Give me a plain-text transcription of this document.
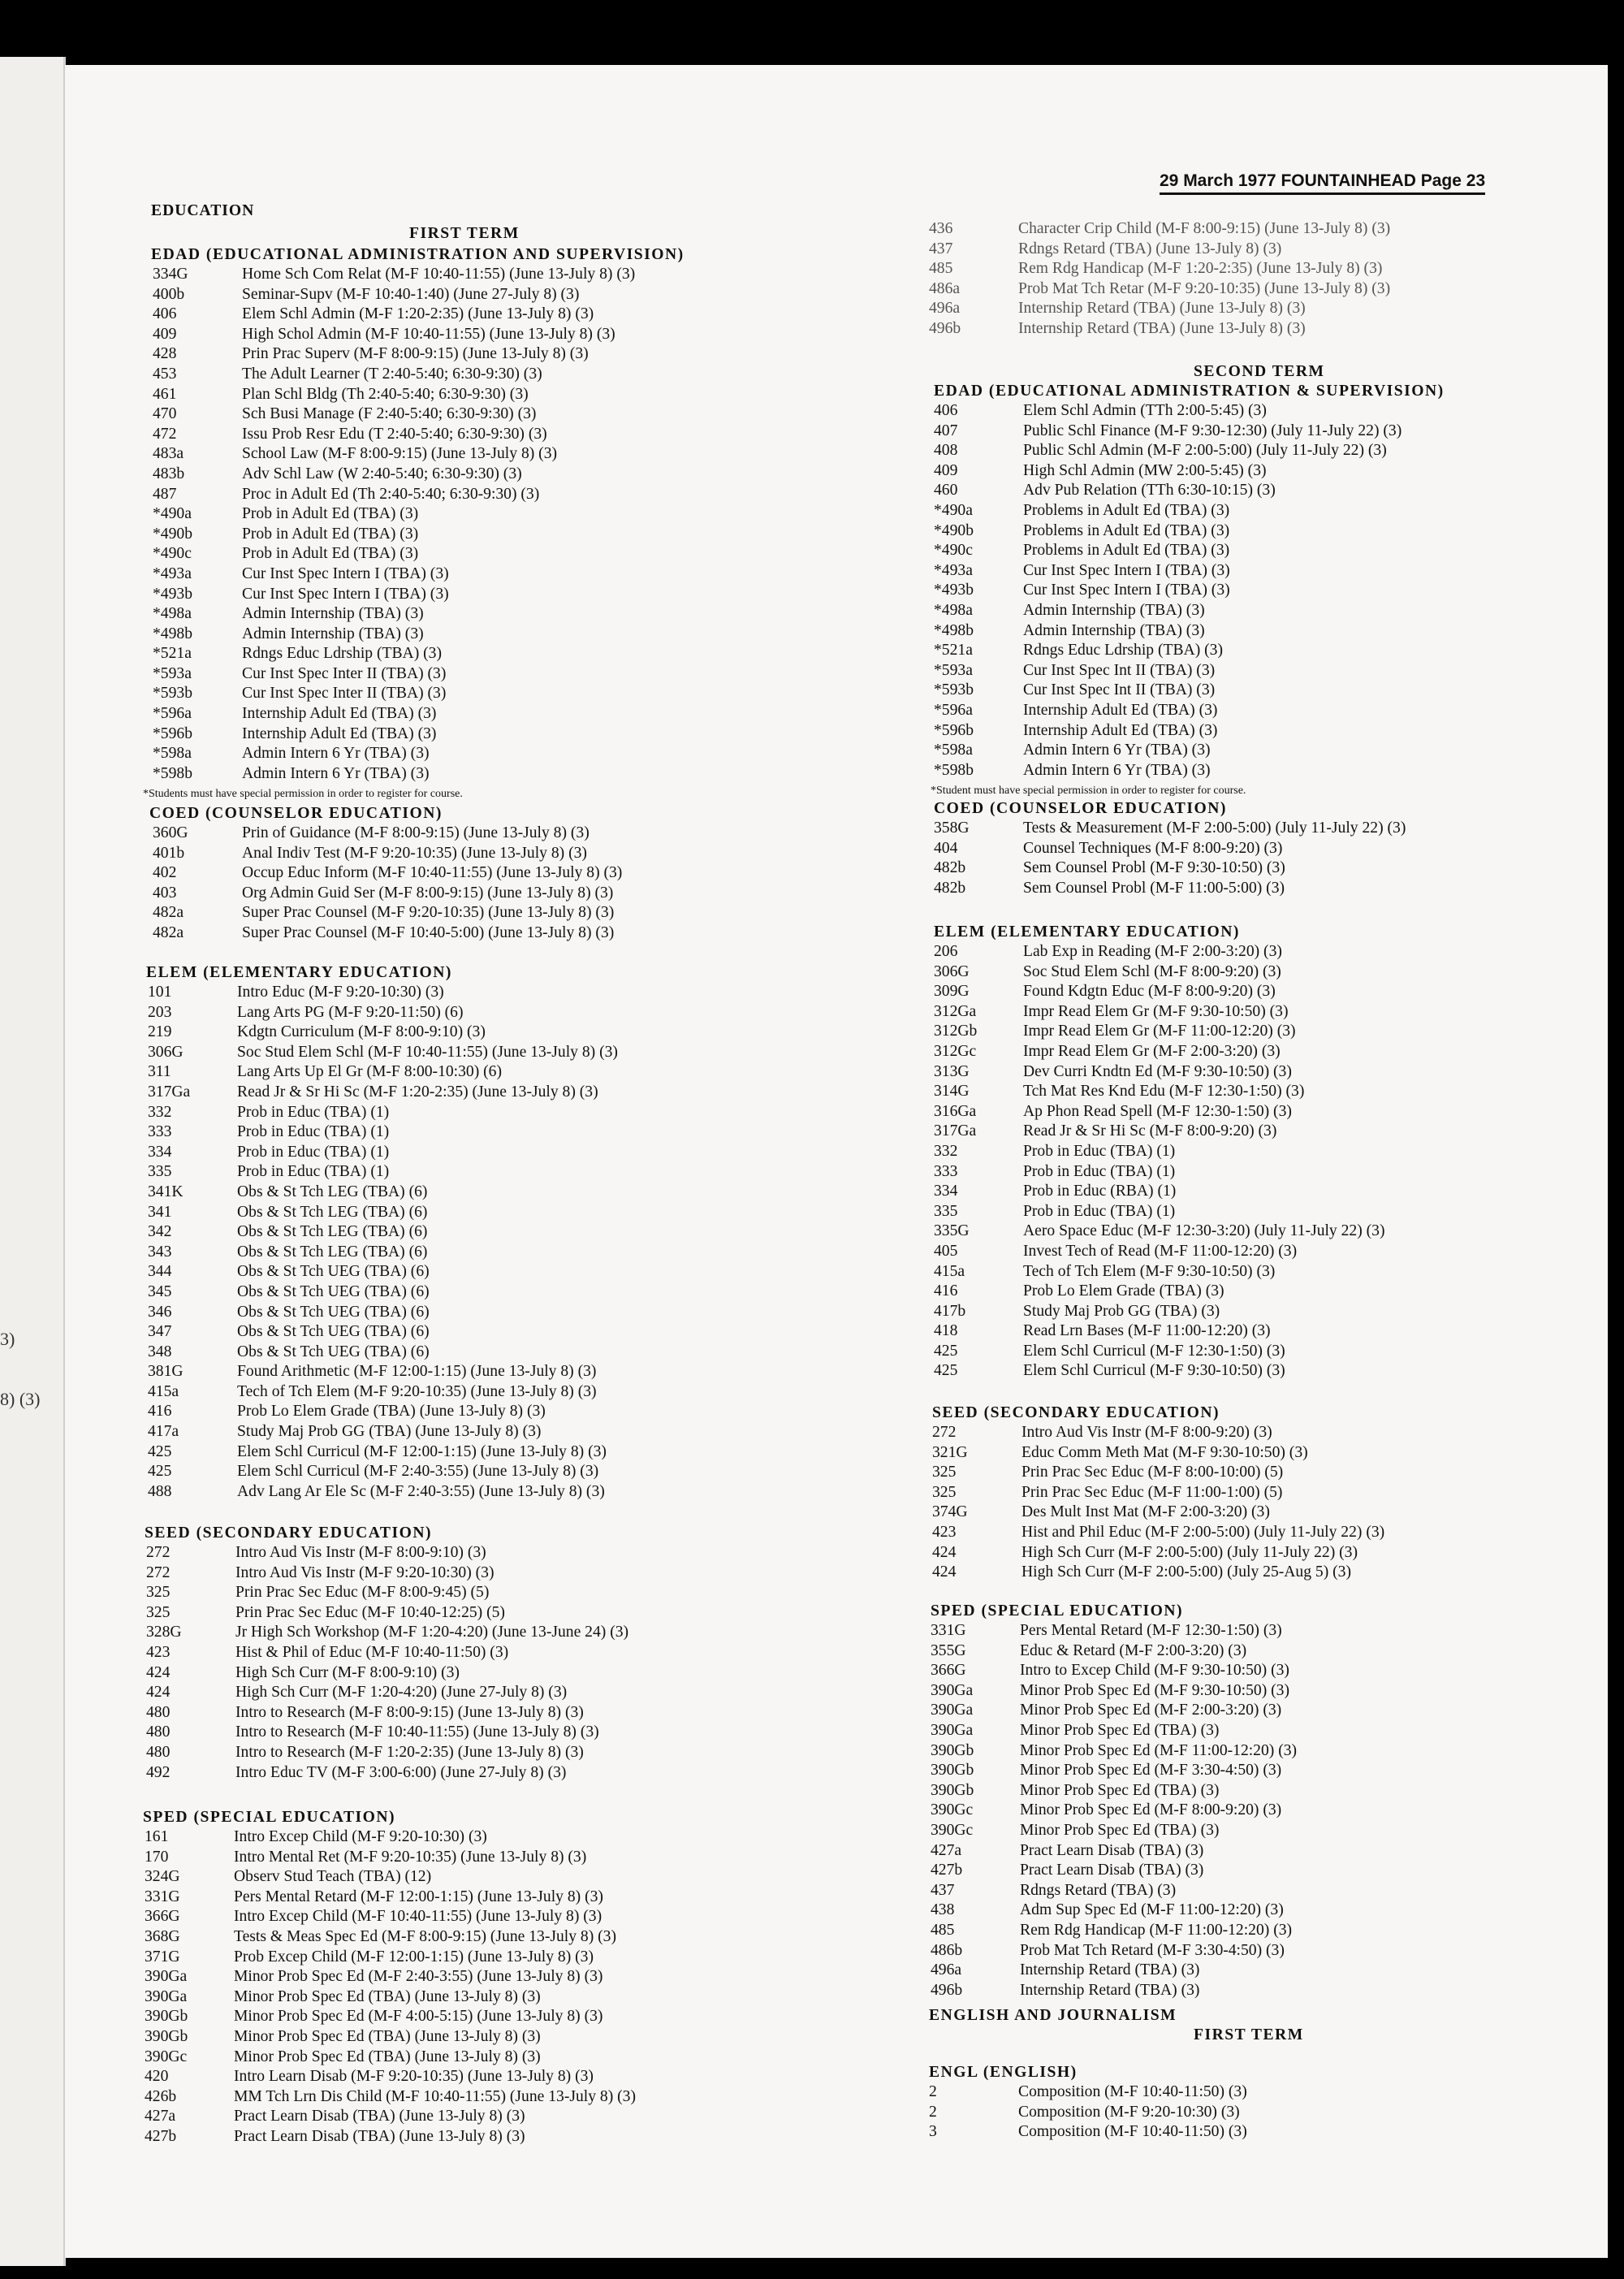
3)
8) (3)
29 March 1977 FOUNTAINHEAD Page 23
EDUCATION
FIRST TERM
EDAD (EDUCATIONAL ADMINISTRATION AND SUPERVISION)
334G	Home Sch Com Relat (M-F 10:40-11:55) (June 13-July 8) (3)
400b	Seminar-Supv (M-F 10:40-1:40) (June 27-July 8) (3)
406	Elem Schl Admin (M-F 1:20-2:35) (June 13-July 8) (3)
409	High Schol Admin (M-F 10:40-11:55) (June 13-July 8) (3)
428	Prin Prac Superv (M-F 8:00-9:15) (June 13-July 8) (3)
453	The Adult Learner (T 2:40-5:40; 6:30-9:30) (3)
461	Plan Schl Bldg (Th 2:40-5:40; 6:30-9:30) (3)
470	Sch Busi Manage (F 2:40-5:40; 6:30-9:30) (3)
472	Issu Prob Resr Edu (T 2:40-5:40; 6:30-9:30) (3)
483a	School Law (M-F 8:00-9:15) (June 13-July 8) (3)
483b	Adv Schl Law (W 2:40-5:40; 6:30-9:30) (3)
487	Proc in Adult Ed (Th 2:40-5:40; 6:30-9:30) (3)
*490a	Prob in Adult Ed (TBA) (3)
*490b	Prob in Adult Ed (TBA) (3)
*490c	Prob in Adult Ed (TBA) (3)
*493a	Cur Inst Spec Intern I (TBA) (3)
*493b	Cur Inst Spec Intern I (TBA) (3)
*498a	Admin Internship (TBA) (3)
*498b	Admin Internship (TBA) (3)
*521a	Rdngs Educ Ldrship (TBA) (3)
*593a	Cur Inst Spec Inter II (TBA) (3)
*593b	Cur Inst Spec Inter II (TBA) (3)
*596a	Internship Adult Ed (TBA) (3)
*596b	Internship Adult Ed (TBA) (3)
*598a	Admin Intern 6 Yr (TBA) (3)
*598b	Admin Intern 6 Yr (TBA) (3)
*Students must have special permission in order to register for course.
COED (COUNSELOR EDUCATION)
360G	Prin of Guidance (M-F 8:00-9:15) (June 13-July 8) (3)
401b	Anal Indiv Test (M-F 9:20-10:35) (June 13-July 8) (3)
402	Occup Educ Inform (M-F 10:40-11:55) (June 13-July 8) (3)
403	Org Admin Guid Ser (M-F 8:00-9:15) (June 13-July 8) (3)
482a	Super Prac Counsel (M-F 9:20-10:35) (June 13-July 8) (3)
482a	Super Prac Counsel (M-F 10:40-5:00) (June 13-July 8) (3)
ELEM (ELEMENTARY EDUCATION)
101	Intro Educ (M-F 9:20-10:30) (3)
203	Lang Arts PG (M-F 9:20-11:50) (6)
219	Kdgtn Curriculum (M-F 8:00-9:10) (3)
306G	Soc Stud Elem Schl (M-F 10:40-11:55) (June 13-July 8) (3)
311	Lang Arts Up El Gr (M-F 8:00-10:30) (6)
317Ga	Read Jr & Sr Hi Sc (M-F 1:20-2:35) (June 13-July 8) (3)
332	Prob in Educ (TBA) (1)
333	Prob in Educ (TBA) (1)
334	Prob in Educ (TBA) (1)
335	Prob in Educ (TBA) (1)
341K	Obs & St Tch LEG (TBA) (6)
341	Obs & St Tch LEG (TBA) (6)
342	Obs & St Tch LEG (TBA) (6)
343	Obs & St Tch LEG (TBA) (6)
344	Obs & St Tch UEG (TBA) (6)
345	Obs & St Tch UEG (TBA) (6)
346	Obs & St Tch UEG (TBA) (6)
347	Obs & St Tch UEG (TBA) (6)
348	Obs & St Tch UEG (TBA) (6)
381G	Found Arithmetic (M-F 12:00-1:15) (June 13-July 8) (3)
415a	Tech of Tch Elem (M-F 9:20-10:35) (June 13-July 8) (3)
416	Prob Lo Elem Grade (TBA) (June 13-July 8) (3)
417a	Study Maj Prob GG (TBA) (June 13-July 8) (3)
425	Elem Schl Curricul (M-F 12:00-1:15) (June 13-July 8) (3)
425	Elem Schl Curricul (M-F 2:40-3:55) (June 13-July 8) (3)
488	Adv Lang Ar Ele Sc (M-F 2:40-3:55) (June 13-July 8) (3)
SEED (SECONDARY EDUCATION)
272	Intro Aud Vis Instr (M-F 8:00-9:10) (3)
272	Intro Aud Vis Instr (M-F 9:20-10:30) (3)
325	Prin Prac Sec Educ (M-F 8:00-9:45) (5)
325	Prin Prac Sec Educ (M-F 10:40-12:25) (5)
328G	Jr High Sch Workshop (M-F 1:20-4:20) (June 13-June 24) (3)
423	Hist & Phil of Educ (M-F 10:40-11:50) (3)
424	High Sch Curr (M-F 8:00-9:10) (3)
424	High Sch Curr (M-F 1:20-4:20) (June 27-July 8) (3)
480	Intro to Research (M-F 8:00-9:15) (June 13-July 8) (3)
480	Intro to Research (M-F 10:40-11:55) (June 13-July 8) (3)
480	Intro to Research (M-F 1:20-2:35) (June 13-July 8) (3)
492	Intro Educ TV (M-F 3:00-6:00) (June 27-July 8) (3)
SPED (SPECIAL EDUCATION)
161	Intro Excep Child (M-F 9:20-10:30) (3)
170	Intro Mental Ret (M-F 9:20-10:35) (June 13-July 8) (3)
324G	Observ Stud Teach (TBA) (12)
331G	Pers Mental Retard (M-F 12:00-1:15) (June 13-July 8) (3)
366G	Intro Excep Child (M-F 10:40-11:55) (June 13-July 8) (3)
368G	Tests & Meas Spec Ed (M-F 8:00-9:15) (June 13-July 8) (3)
371G	Prob Excep Child (M-F 12:00-1:15) (June 13-July 8) (3)
390Ga	Minor Prob Spec Ed (M-F 2:40-3:55) (June 13-July 8) (3)
390Ga	Minor Prob Spec Ed (TBA) (June 13-July 8) (3)
390Gb	Minor Prob Spec Ed (M-F 4:00-5:15) (June 13-July 8) (3)
390Gb	Minor Prob Spec Ed (TBA) (June 13-July 8) (3)
390Gc	Minor Prob Spec Ed (TBA) (June 13-July 8) (3)
420	Intro Learn Disab (M-F 9:20-10:35) (June 13-July 8) (3)
426b	MM Tch Lrn Dis Child (M-F 10:40-11:55) (June 13-July 8) (3)
427a	Pract Learn Disab (TBA) (June 13-July 8) (3)
427b	Pract Learn Disab (TBA) (June 13-July 8) (3)
436	Character Crip Child (M-F 8:00-9:15) (June 13-July 8) (3)
437	Rdngs Retard (TBA) (June 13-July 8) (3)
485	Rem Rdg Handicap (M-F 1:20-2:35) (June 13-July 8) (3)
486a	Prob Mat Tch Retar (M-F 9:20-10:35) (June 13-July 8) (3)
496a	Internship Retard (TBA) (June 13-July 8) (3)
496b	Internship Retard (TBA) (June 13-July 8) (3)
SECOND TERM
EDAD (EDUCATIONAL ADMINISTRATION & SUPERVISION)
406	Elem Schl Admin (TTh 2:00-5:45) (3)
407	Public Schl Finance (M-F 9:30-12:30) (July 11-July 22) (3)
408	Public Schl Admin (M-F 2:00-5:00) (July 11-July 22) (3)
409	High Schl Admin (MW 2:00-5:45) (3)
460	Adv Pub Relation (TTh 6:30-10:15) (3)
*490a	Problems in Adult Ed (TBA) (3)
*490b	Problems in Adult Ed (TBA) (3)
*490c	Problems in Adult Ed (TBA) (3)
*493a	Cur Inst Spec Intern I (TBA) (3)
*493b	Cur Inst Spec Intern I (TBA) (3)
*498a	Admin Internship (TBA) (3)
*498b	Admin Internship (TBA) (3)
*521a	Rdngs Educ Ldrship (TBA) (3)
*593a	Cur Inst Spec Int II (TBA) (3)
*593b	Cur Inst Spec Int II (TBA) (3)
*596a	Internship Adult Ed (TBA) (3)
*596b	Internship Adult Ed (TBA) (3)
*598a	Admin Intern 6 Yr (TBA) (3)
*598b	Admin Intern 6 Yr (TBA) (3)
*Student must have special permission in order to register for course.
COED (COUNSELOR EDUCATION)
358G	Tests & Measurement (M-F 2:00-5:00) (July 11-July 22) (3)
404	Counsel Techniques (M-F 8:00-9:20) (3)
482b	Sem Counsel Probl (M-F 9:30-10:50) (3)
482b	Sem Counsel Probl (M-F 11:00-5:00) (3)
ELEM (ELEMENTARY EDUCATION)
206	Lab Exp in Reading (M-F 2:00-3:20) (3)
306G	Soc Stud Elem Schl (M-F 8:00-9:20) (3)
309G	Found Kdgtn Educ (M-F 8:00-9:20) (3)
312Ga	Impr Read Elem Gr (M-F 9:30-10:50) (3)
312Gb	Impr Read Elem Gr (M-F 11:00-12:20) (3)
312Gc	Impr Read Elem Gr (M-F 2:00-3:20) (3)
313G	Dev Curri Kndtn Ed (M-F 9:30-10:50) (3)
314G	Tch Mat Res Knd Edu (M-F 12:30-1:50) (3)
316Ga	Ap Phon Read Spell (M-F 12:30-1:50) (3)
317Ga	Read Jr & Sr Hi Sc (M-F 8:00-9:20) (3)
332	Prob in Educ (TBA) (1)
333	Prob in Educ (TBA) (1)
334	Prob in Educ (RBA) (1)
335	Prob in Educ (TBA) (1)
335G	Aero Space Educ (M-F 12:30-3:20) (July 11-July 22) (3)
405	Invest Tech of Read (M-F 11:00-12:20) (3)
415a	Tech of Tch Elem (M-F 9:30-10:50) (3)
416	Prob Lo Elem Grade (TBA) (3)
417b	Study Maj Prob GG (TBA) (3)
418	Read Lrn Bases (M-F 11:00-12:20) (3)
425	Elem Schl Curricul (M-F 12:30-1:50) (3)
425	Elem Schl Curricul (M-F 9:30-10:50) (3)
SEED (SECONDARY EDUCATION)
272	Intro Aud Vis Instr (M-F 8:00-9:20) (3)
321G	Educ Comm Meth Mat (M-F 9:30-10:50) (3)
325	Prin Prac Sec Educ (M-F 8:00-10:00) (5)
325	Prin Prac Sec Educ (M-F 11:00-1:00) (5)
374G	Des Mult Inst Mat (M-F 2:00-3:20) (3)
423	Hist and Phil Educ (M-F 2:00-5:00) (July 11-July 22) (3)
424	High Sch Curr (M-F 2:00-5:00) (July 11-July 22) (3)
424	High Sch Curr (M-F 2:00-5:00) (July 25-Aug 5) (3)
SPED (SPECIAL EDUCATION)
331G	Pers Mental Retard (M-F 12:30-1:50) (3)
355G	Educ & Retard (M-F 2:00-3:20) (3)
366G	Intro to Excep Child (M-F 9:30-10:50) (3)
390Ga	Minor Prob Spec Ed (M-F 9:30-10:50) (3)
390Ga	Minor Prob Spec Ed (M-F 2:00-3:20) (3)
390Ga	Minor Prob Spec Ed (TBA) (3)
390Gb	Minor Prob Spec Ed (M-F 11:00-12:20) (3)
390Gb	Minor Prob Spec Ed (M-F 3:30-4:50) (3)
390Gb	Minor Prob Spec Ed (TBA) (3)
390Gc	Minor Prob Spec Ed (M-F 8:00-9:20) (3)
390Gc	Minor Prob Spec Ed (TBA) (3)
427a	Pract Learn Disab (TBA) (3)
427b	Pract Learn Disab (TBA) (3)
437	Rdngs Retard (TBA) (3)
438	Adm Sup Spec Ed (M-F 11:00-12:20) (3)
485	Rem Rdg Handicap (M-F 11:00-12:20) (3)
486b	Prob Mat Tch Retard (M-F 3:30-4:50) (3)
496a	Internship Retard (TBA) (3)
496b	Internship Retard (TBA) (3)
ENGLISH AND JOURNALISM
FIRST TERM
ENGL (ENGLISH)
2	Composition (M-F 10:40-11:50) (3)
2	Composition (M-F 9:20-10:30) (3)
3	Composition (M-F 10:40-11:50) (3)
